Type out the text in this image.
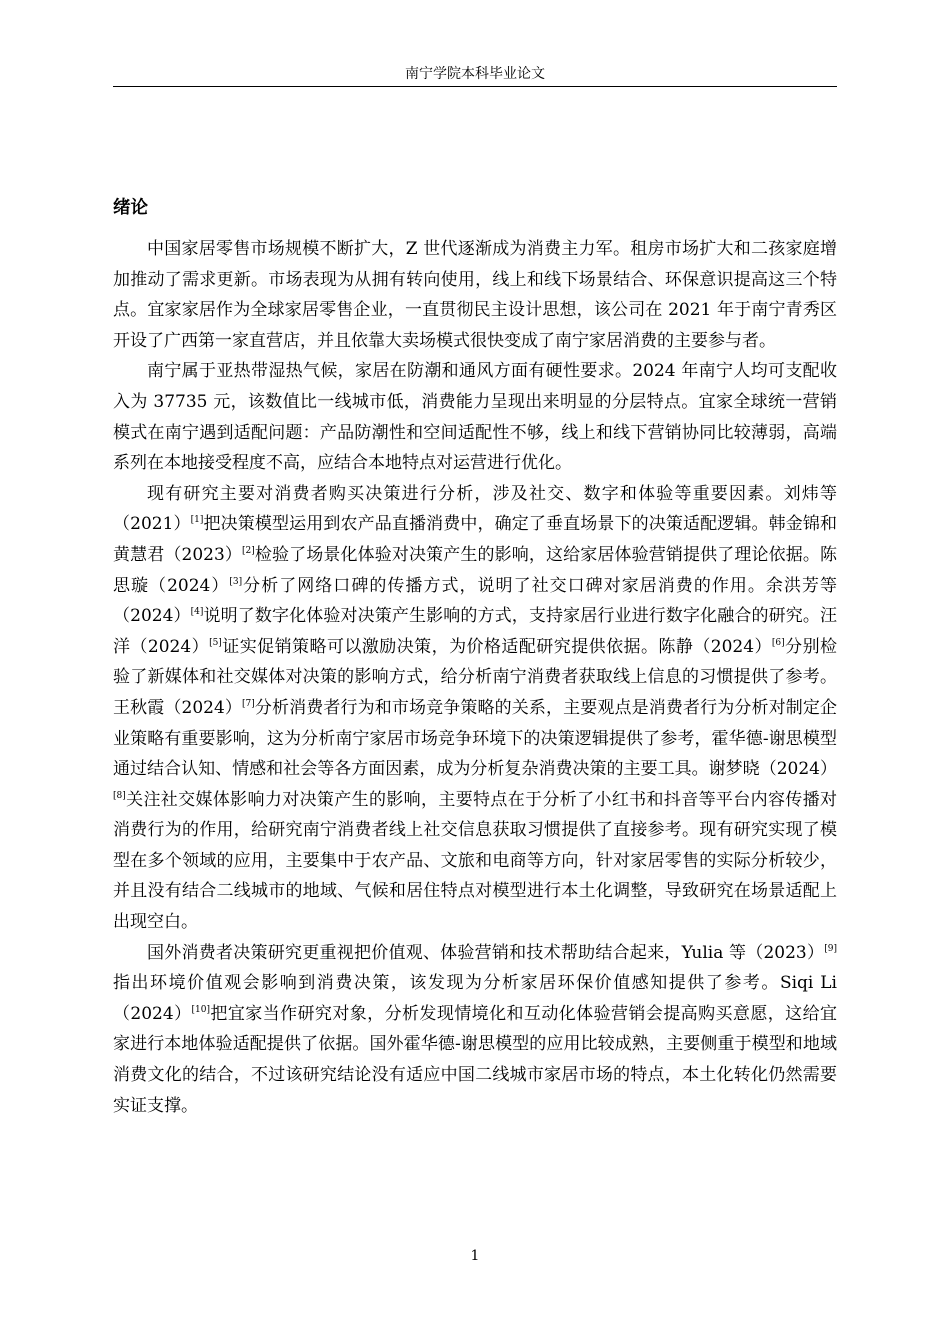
南宁学院本科毕业论文
绪论

中国家居零售市场规模不断扩大，Z 世代逐渐成为消费主力军。租房市场扩大和二孩家庭增加推动了需求更新。市场表现为从拥有转向使用，线上和线下场景结合、环保意识提高这三个特点。宜家家居作为全球家居零售企业，一直贯彻民主设计思想，该公司在 2021 年于南宁青秀区开设了广西第一家直营店，并且依靠大卖场模式很快变成了南宁家居消费的主要参与者。

南宁属于亚热带湿热气候，家居在防潮和通风方面有硬性要求。2024 年南宁人均可支配收入为 37735 元，该数值比一线城市低，消费能力呈现出来明显的分层特点。宜家全球统一营销模式在南宁遇到适配问题：产品防潮性和空间适配性不够，线上和线下营销协同比较薄弱，高端系列在本地接受程度不高，应结合本地特点对运营进行优化。

现有研究主要对消费者购买决策进行分析，涉及社交、数字和体验等重要因素。刘炜等（2021）[1]把决策模型运用到农产品直播消费中，确定了垂直场景下的决策适配逻辑。韩金锦和黄慧君（2023）[2]检验了场景化体验对决策产生的影响，这给家居体验营销提供了理论依据。陈思璇（2024）[3]分析了网络口碑的传播方式，说明了社交口碑对家居消费的作用。余洪芳等（2024）[4]说明了数字化体验对决策产生影响的方式，支持家居行业进行数字化融合的研究。汪洋（2024）[5]证实促销策略可以激励决策，为价格适配研究提供依据。陈静（2024）[6]分别检验了新媒体和社交媒体对决策的影响方式，给分析南宁消费者获取线上信息的习惯提供了参考。王秋霞（2024）[7]分析消费者行为和市场竞争策略的关系，主要观点是消费者行为分析对制定企业策略有重要影响，这为分析南宁家居市场竞争环境下的决策逻辑提供了参考，霍华德-谢思模型通过结合认知、情感和社会等各方面因素，成为分析复杂消费决策的主要工具。谢梦晓（2024）[8]关注社交媒体影响力对决策产生的影响，主要特点在于分析了小红书和抖音等平台内容传播对消费行为的作用，给研究南宁消费者线上社交信息获取习惯提供了直接参考。现有研究实现了模型在多个领域的应用，主要集中于农产品、文旅和电商等方向，针对家居零售的实际分析较少，并且没有结合二线城市的地域、气候和居住特点对模型进行本土化调整，导致研究在场景适配上出现空白。

国外消费者决策研究更重视把价值观、体验营销和技术帮助结合起来，Yulia 等（2023）[9]指出环境价值观会影响到消费决策，该发现为分析家居环保价值感知提供了参考。Siqi Li（2024）[10]把宜家当作研究对象，分析发现情境化和互动化体验营销会提高购买意愿，这给宜家进行本地体验适配提供了依据。国外霍华德-谢思模型的应用比较成熟，主要侧重于模型和地域消费文化的结合，不过该研究结论没有适应中国二线城市家居市场的特点，本土化转化仍然需要实证支撑。

1
